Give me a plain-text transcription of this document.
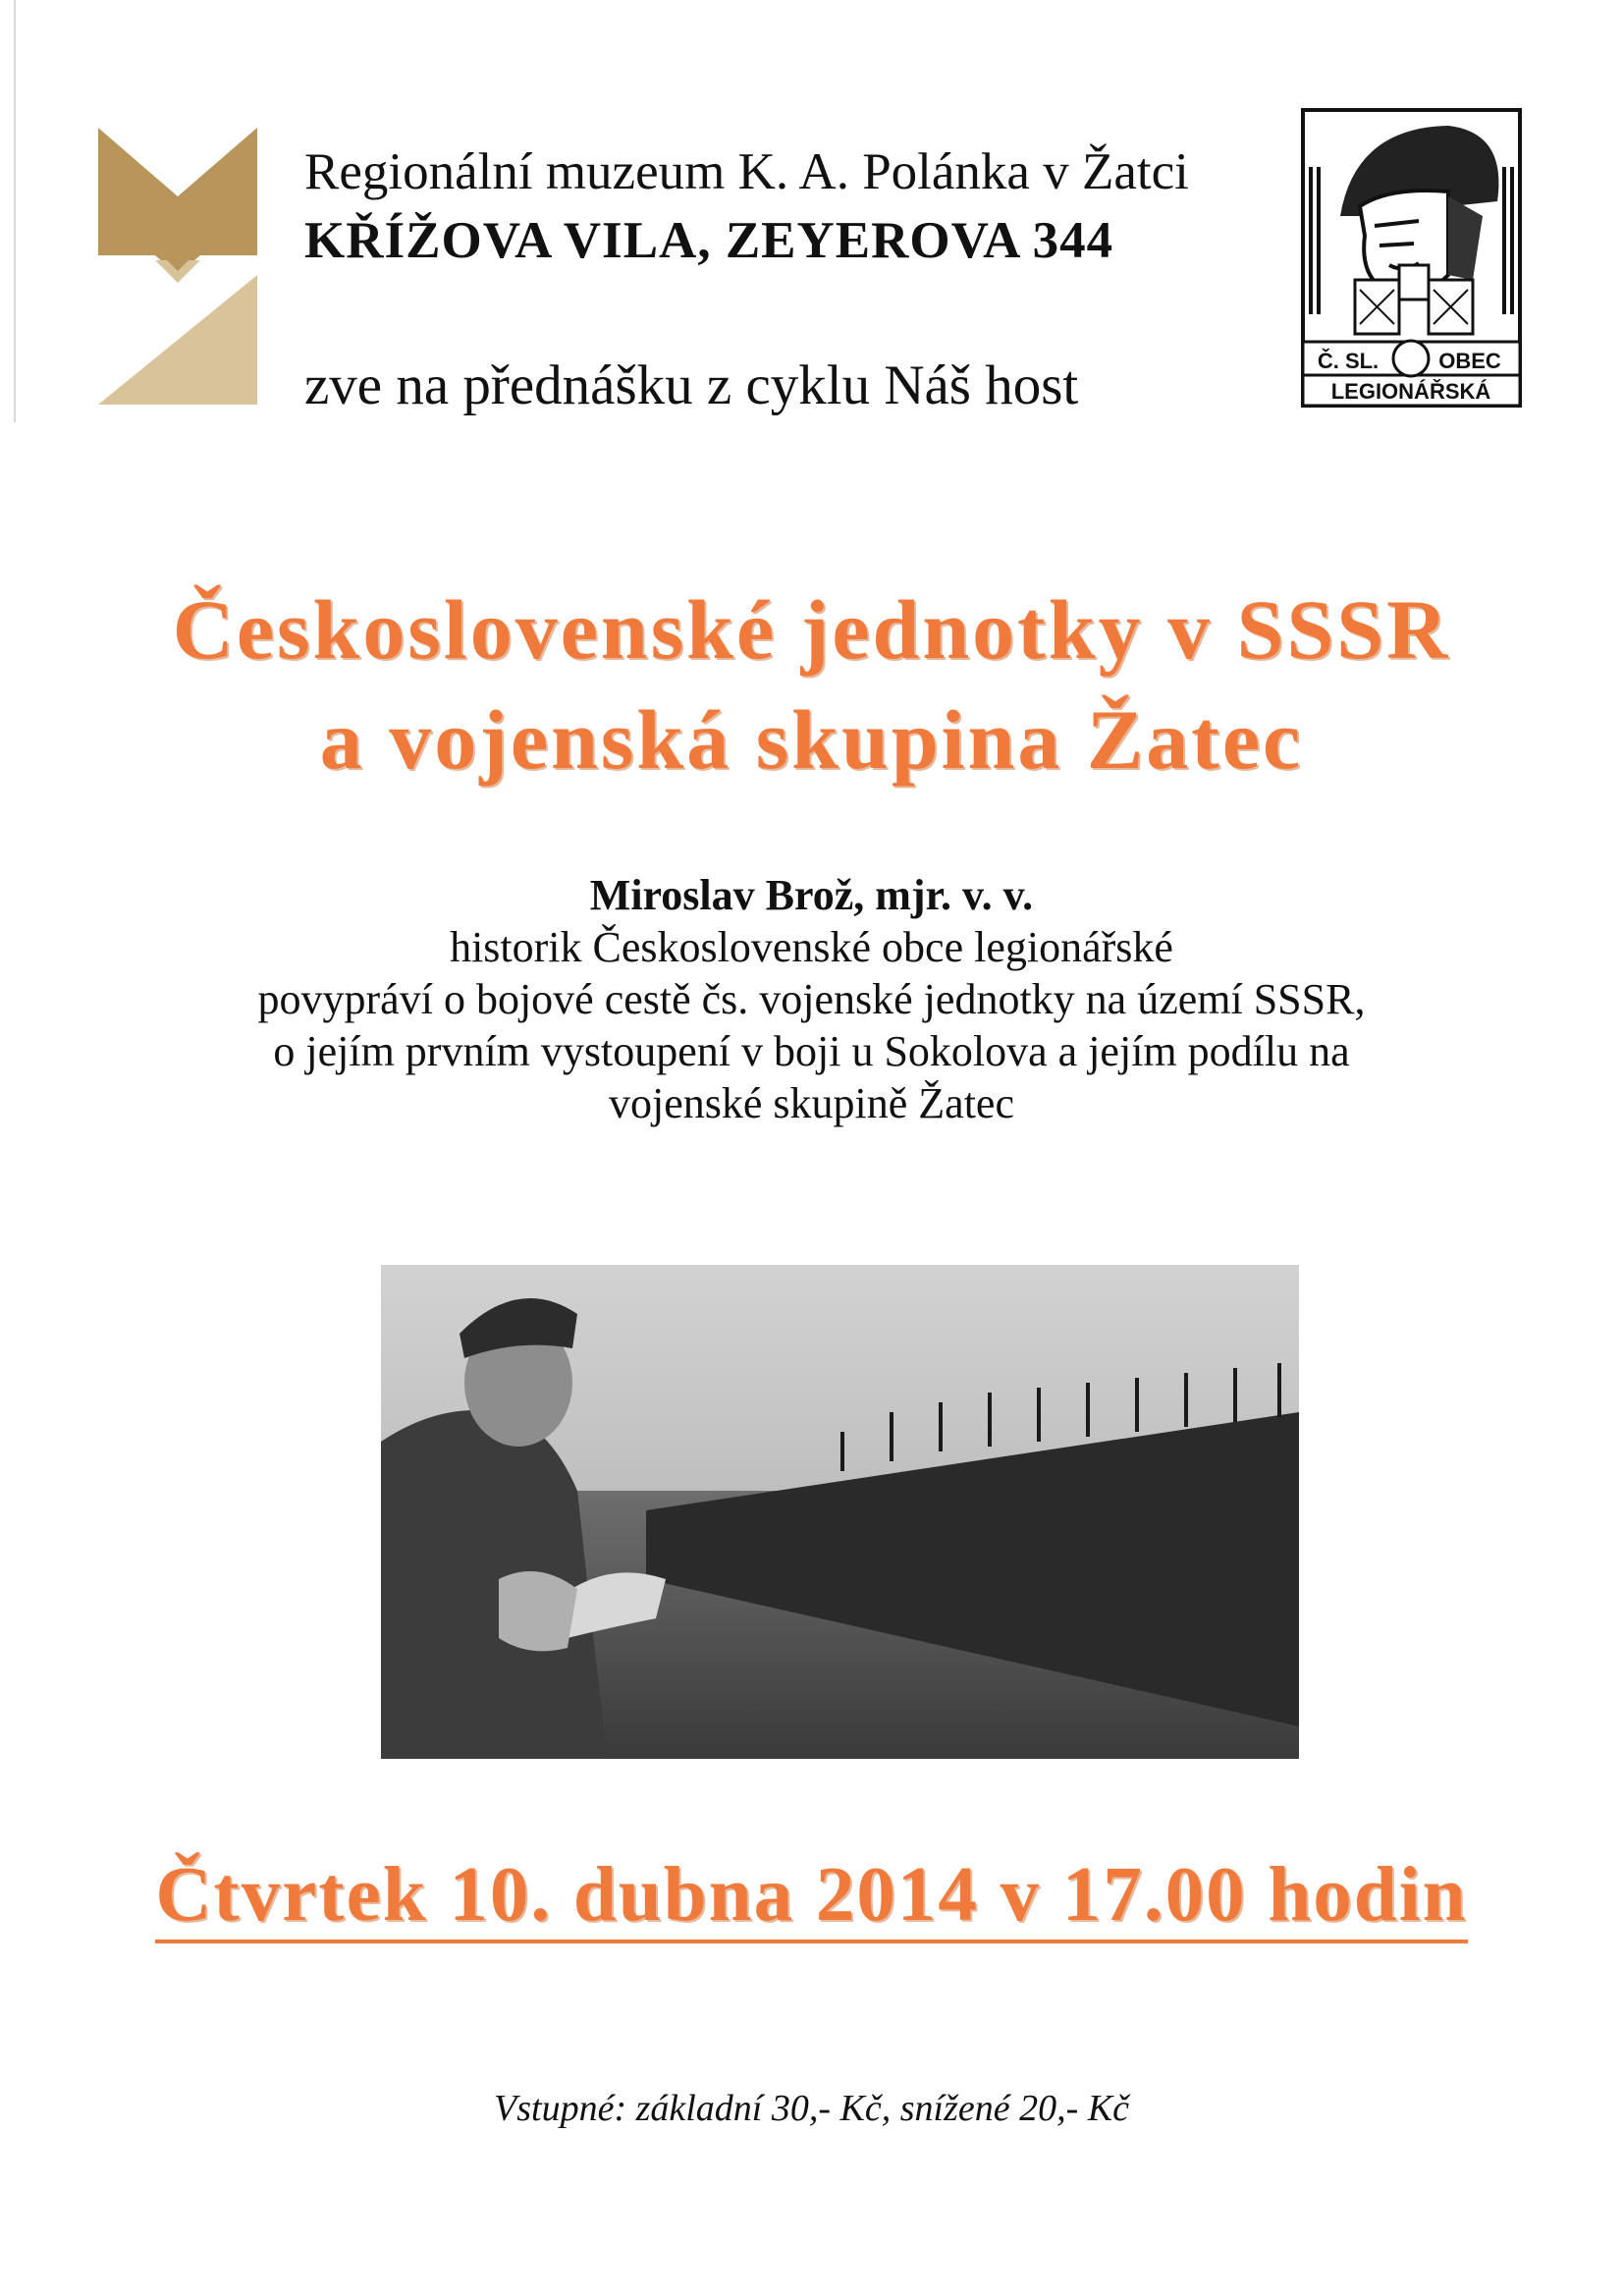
Regionální muzeum K. A. Polánka v Žatci
KŘÍŽOVA VILA, ZEYEROVA 344
zve na přednášku z cyklu Náš host	Č. SL.	OBEC
LEGIONÁŘSKÁ
Československé jednotky v SSSR
a vojenská skupina Žatec
Miroslav Brož, mjr. v. v.
historik Československé obce legionářské
povypráví o bojové cestě čs. vojenské jednotky na území SSSR,
o jejím prvním vystoupení v boji u Sokolova a jejím podílu na
vojenské skupině Žatec
Čtvrtek 10. dubna 2014 v 17.00 hodin
Vstupné: základní 30,- Kč, snížené 20,- Kč
